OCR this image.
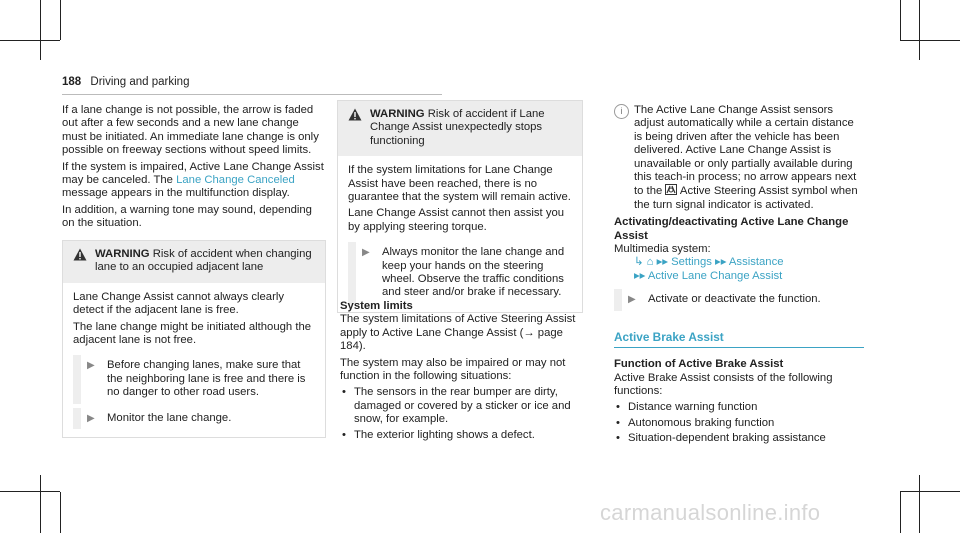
188 Driving and parking

If a lane change is not possible, the arrow is faded out after a few seconds and a new lane change must be initiated. An immediate lane change is only possible on freeway sections without speed limits.

If the system is impaired, Active Lane Change Assist may be canceled. The Lane Change Canceled message appears in the multifunction display.

In addition, a warning tone may sound, depending on the situation.

WARNING Risk of accident when changing lane to an occupied adjacent lane

Lane Change Assist cannot always clearly detect if the adjacent lane is free.

The lane change might be initiated although the adjacent lane is not free.

▶ Before changing lanes, make sure that the neighboring lane is free and there is no danger to other road users.
▶ Monitor the lane change.
WARNING Risk of accident if Lane Change Assist unexpectedly stops functioning

If the system limitations for Lane Change Assist have been reached, there is no guarantee that the system will remain active.

Lane Change Assist cannot then assist you by applying steering torque.

▶ Always monitor the lane change and keep your hands on the steering wheel. Observe the traffic conditions and steer and/or brake if necessary.
System limits

The system limitations of Active Steering Assist apply to Active Lane Change Assist (→ page 184).

The system may also be impaired or may not function in the following situations:

• The sensors in the rear bumper are dirty, damaged or covered by a sticker or ice and snow, for example.
• The exterior lighting shows a defect.
i	The Active Lane Change Assist sensors adjust automatically while a certain distance is being driven after the vehicle has been delivered. Active Lane Change Assist is unavailable or only partially available during this teach-in process; no arrow appears next to the  Active Steering Assist symbol when the turn signal indicator is activated.
Activating/deactivating Active Lane Change Assist
Multimedia system:
↳ ⌂ ▸▸ Settings ▸▸ Assistance
▸▸ Active Lane Change Assist
▶ Activate or deactivate the function.
Active Brake Assist
Function of Active Brake Assist

Active Brake Assist consists of the following functions:

• Distance warning function
• Autonomous braking function
• Situation-dependent braking assistance
carmanualsonline.info
